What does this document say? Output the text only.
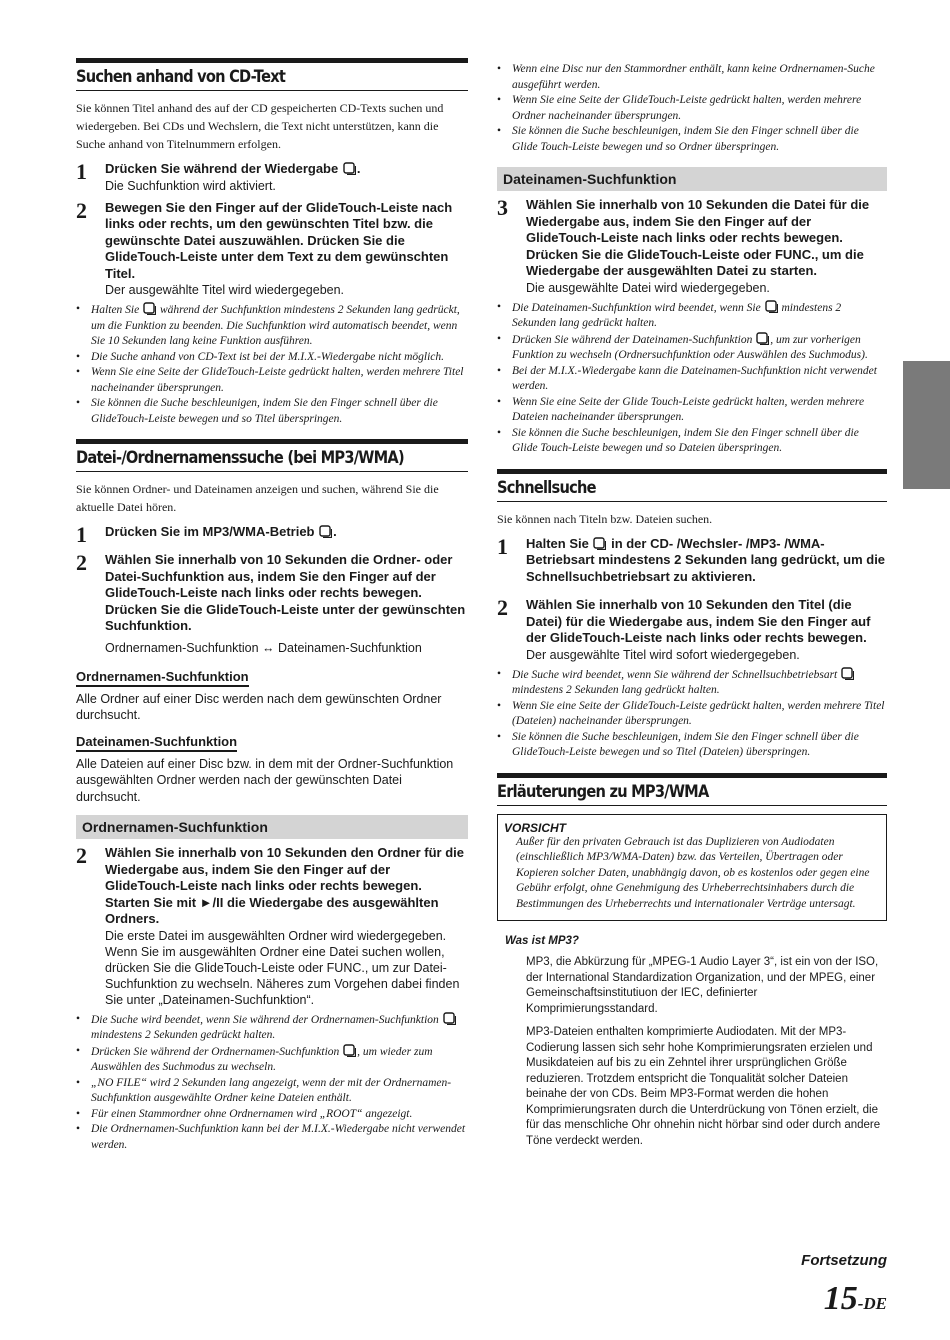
Suchen anhand von CD-Text

Sie können Titel anhand des auf der CD gespeicherten CD-Texts suchen und wiedergeben. Bei CDs und Wechslern, die Text nicht unterstützen, kann die Suche anhand von Titelnummern erfolgen.

1	Drücken Sie während der Wiedergabe .
Die Suchfunktion wird aktiviert.
2	Bewegen Sie den Finger auf der GlideTouch-Leiste nach links oder rechts, um den gewünschten Titel bzw. die gewünschte Datei auszuwählen. Drücken Sie die GlideTouch-Leiste unter dem Text zu dem gewünschten Titel.
Der ausgewählte Titel wird wiedergegeben.
• Halten Sie  während der Suchfunktion mindestens 2 Sekunden lang gedrückt, um die Funktion zu beenden. Die Suchfunktion wird automatisch beendet, wenn Sie 10 Sekunden lang keine Funktion ausführen.
• Die Suche anhand von CD-Text ist bei der M.I.X.-Wiedergabe nicht möglich.
• Wenn Sie eine Seite der GlideTouch-Leiste gedrückt halten, werden mehrere Titel nacheinander übersprungen.
• Sie können die Suche beschleunigen, indem Sie den Finger schnell über die GlideTouch-Leiste bewegen und so Titel überspringen.
Datei-/Ordnernamenssuche (bei MP3/WMA)

Sie können Ordner- und Dateinamen anzeigen und suchen, während Sie die aktuelle Datei hören.

1	Drücken Sie im MP3/WMA-Betrieb .
2	Wählen Sie innerhalb von 10 Sekunden die Ordner- oder Datei-Suchfunktion aus, indem Sie den Finger auf der GlideTouch-Leiste nach links oder rechts bewegen. Drücken Sie die GlideTouch-Leiste unter der gewünschten Suchfunktion.
Ordnernamen-Suchfunktion ↔ Dateinamen-Suchfunktion
Ordnernamen-Suchfunktion

Alle Ordner auf einer Disc werden nach dem gewünschten Ordner durchsucht.

Dateinamen-Suchfunktion

Alle Dateien auf einer Disc bzw. in dem mit der Ordner-Suchfunktion ausgewählten Ordner werden nach der gewünschten Datei durchsucht.

Ordnernamen-Suchfunktion
2	Wählen Sie innerhalb von 10 Sekunden den Ordner für die Wiedergabe aus, indem Sie den Finger auf der GlideTouch-Leiste nach links oder rechts bewegen. Starten Sie mit ►/II die Wiedergabe des ausgewählten Ordners.
Die erste Datei im ausgewählten Ordner wird wiedergegeben. Wenn Sie im ausgewählten Ordner eine Datei suchen wollen, drücken Sie die GlideTouch-Leiste oder FUNC., um zur Datei-Suchfunktion zu wechseln. Näheres zum Vorgehen dabei finden Sie unter „Dateinamen-Suchfunktion“.
• Die Suche wird beendet, wenn Sie während der Ordnernamen-Suchfunktion  mindestens 2 Sekunden gedrückt halten.
• Drücken Sie während der Ordnernamen-Suchfunktion , um wieder zum Auswählen des Suchmodus zu wechseln.
• „NO FILE“ wird 2 Sekunden lang angezeigt, wenn der mit der Ordnernamen-Suchfunktion ausgewählte Ordner keine Dateien enthält.
• Für einen Stammordner ohne Ordnernamen wird „ROOT“ angezeigt.
• Die Ordnernamen-Suchfunktion kann bei der M.I.X.-Wiedergabe nicht verwendet werden.
• Wenn eine Disc nur den Stammordner enthält, kann keine Ordnernamen-Suche ausgeführt werden.
• Wenn Sie eine Seite der GlideTouch-Leiste gedrückt halten, werden mehrere Ordner nacheinander übersprungen.
• Sie können die Suche beschleunigen, indem Sie den Finger schnell über die Glide Touch-Leiste bewegen und so Ordner überspringen.
Dateinamen-Suchfunktion
3	Wählen Sie innerhalb von 10 Sekunden die Datei für die Wiedergabe aus, indem Sie den Finger auf der GlideTouch-Leiste nach links oder rechts bewegen. Drücken Sie die GlideTouch-Leiste oder FUNC., um die Wiedergabe der ausgewählten Datei zu starten.
Die ausgewählte Datei wird wiedergegeben.
• Die Dateinamen-Suchfunktion wird beendet, wenn Sie  mindestens 2 Sekunden lang gedrückt halten.
• Drücken Sie während der Dateinamen-Suchfunktion , um zur vorherigen Funktion zu wechseln (Ordnersuchfunktion oder Auswählen des Suchmodus).
• Bei der M.I.X.-Wiedergabe kann die Dateinamen-Suchfunktion nicht verwendet werden.
• Wenn Sie eine Seite der Glide Touch-Leiste gedrückt halten, werden mehrere Dateien nacheinander übersprungen.
• Sie können die Suche beschleunigen, indem Sie den Finger schnell über die Glide Touch-Leiste bewegen und so Dateien überspringen.
Schnellsuche

Sie können nach Titeln bzw. Dateien suchen.

1	Halten Sie  in der CD- /Wechsler- /MP3- /WMA-Betriebsart mindestens 2 Sekunden lang gedrückt, um die Schnellsuchbetriebsart zu aktivieren.
2	Wählen Sie innerhalb von 10 Sekunden den Titel (die Datei) für die Wiedergabe aus, indem Sie den Finger auf der GlideTouch-Leiste nach links oder rechts bewegen.
Der ausgewählte Titel wird sofort wiedergegeben.
• Die Suche wird beendet, wenn Sie während der Schnellsuchbetriebsart  mindestens 2 Sekunden lang gedrückt halten.
• Wenn Sie eine Seite der GlideTouch-Leiste gedrückt halten, werden mehrere Titel (Dateien) nacheinander übersprungen.
• Sie können die Suche beschleunigen, indem Sie den Finger schnell über die GlideTouch-Leiste bewegen und so Titel (Dateien) überspringen.
Erläuterungen zu MP3/WMA
VORSICHT
Außer für den privaten Gebrauch ist das Duplizieren von Audiodaten (einschließlich MP3/WMA-Daten) bzw. das Verteilen, Übertragen oder Kopieren solcher Daten, unabhängig davon, ob es kostenlos oder gegen eine Gebühr erfolgt, ohne Genehmigung des Urheberrechtsinhabers durch die Bestimmungen des Urheberrechts und internationaler Verträge untersagt.
Was ist MP3?

MP3, die Abkürzung für „MPEG-1 Audio Layer 3“, ist ein von der ISO, der International Standardization Organization, und der MPEG, einer Gemeinschaftsinstitutiuon der IEC, definierter Komprimierungsstandard.

MP3-Dateien enthalten komprimierte Audiodaten. Mit der MP3-Codierung lassen sich sehr hohe Komprimierungsraten erzielen und Musikdateien auf bis zu ein Zehntel ihrer ursprünglichen Größe reduzieren. Trotzdem entspricht die Tonqualität solcher Dateien beinahe der von CDs. Beim MP3-Format werden die hohen Komprimierungsraten durch die Unterdrückung von Tönen erzielt, die für das menschliche Ohr ohnehin nicht hörbar sind oder durch andere Töne verdeckt werden.

Fortsetzung
15-DE
